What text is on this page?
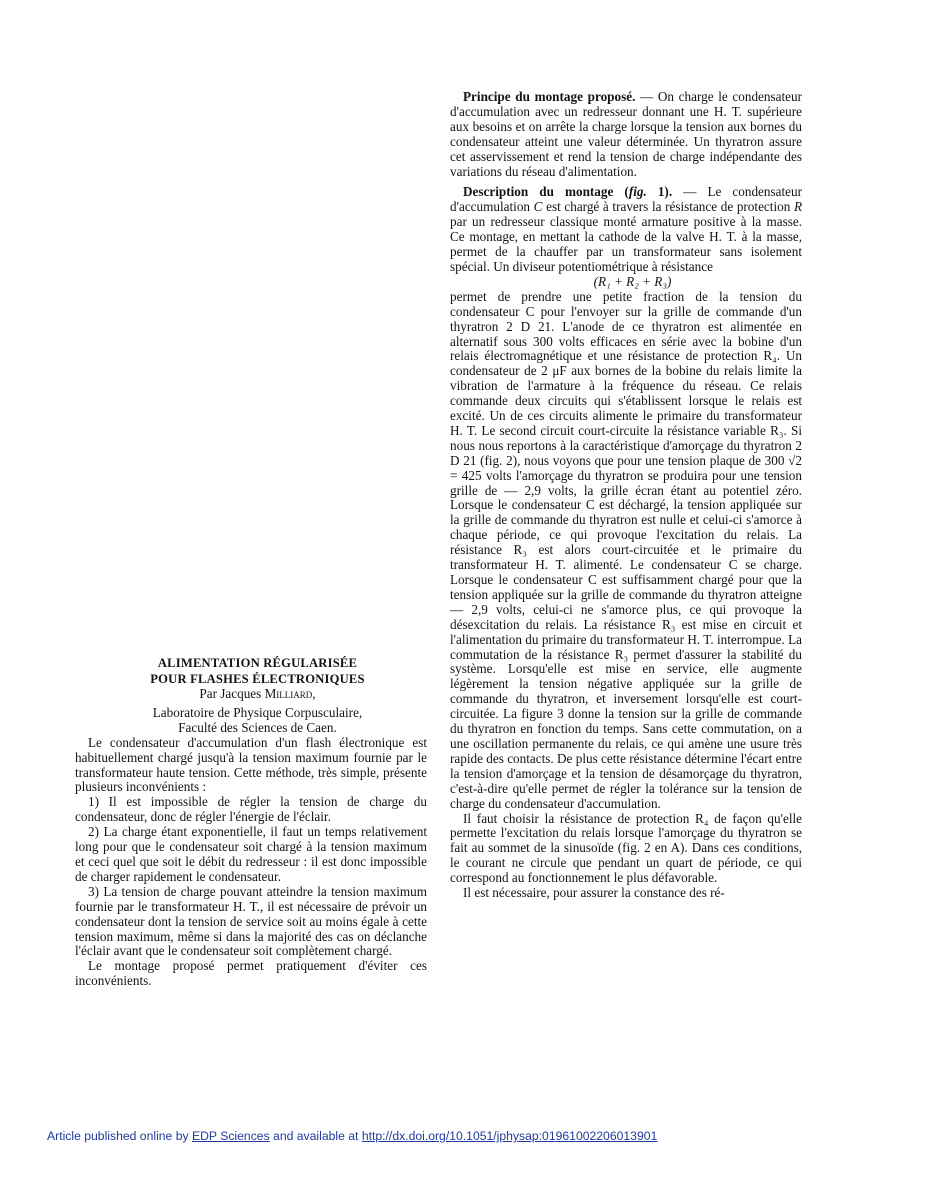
Principe du montage proposé. — On charge le condensateur d'accumulation avec un redresseur donnant une H. T. supérieure aux besoins et on arrête la charge lorsque la tension aux bornes du condensateur atteint une valeur déterminée. Un thyratron assure cet asservissement et rend la tension de charge indépendante des variations du réseau d'alimentation.

Description du montage (fig. 1). — Le condensateur d'accumulation C est chargé à travers la résistance de protection R par un redresseur classique monté armature positive à la masse. Ce montage, en mettant la cathode de la valve H. T. à la masse, permet de la chauffer par un transformateur sans isolement spécial. Un diviseur potentiométrique à résistance

(R₁ + R₂ + R₃)

permet de prendre une petite fraction de la tension du condensateur C pour l'envoyer sur la grille de commande d'un thyratron 2 D 21. L'anode de ce thyratron est alimentée en alternatif sous 300 volts efficaces en série avec la bobine d'un relais électromagnétique et une résistance de protection R₄. Un condensateur de 2 μF aux bornes de la bobine du relais limite la vibration de l'armature à la fréquence du réseau. Ce relais commande deux circuits qui s'établissent lorsque le relais est excité. Un de ces circuits alimente le primaire du transformateur H. T. Le second circuit court-circuite la résistance variable R₃. Si nous nous reportons à la caractéristique d'amorçage du thyratron 2 D 21 (fig. 2), nous voyons que pour une tension plaque de 300 √2 = 425 volts l'amorçage du thyratron se produira pour une tension grille de — 2,9 volts, la grille écran étant au potentiel zéro. Lorsque le condensateur C est déchargé, la tension appliquée sur la grille de commande du thyratron est nulle et celui-ci s'amorce à chaque période, ce qui provoque l'excitation du relais. La résistance R₃ est alors court-circuitée et le primaire du transformateur H. T. alimenté. Le condensateur C se charge. Lorsque le condensateur C est suffisamment chargé pour que la tension appliquée sur la grille de commande du thyratron atteigne — 2,9 volts, celui-ci ne s'amorce plus, ce qui provoque la désexcitation du relais. La résistance R₃ est mise en circuit et l'alimentation du primaire du transformateur H. T. interrompue. La commutation de la résistance R₃ permet d'assurer la stabilité du système. Lorsqu'elle est mise en service, elle augmente légèrement la tension négative appliquée sur la grille de commande du thyratron, et inversement lorsqu'elle est court-circuitée. La figure 3 donne la tension sur la grille de commande du thyratron en fonction du temps. Sans cette commutation, on a une oscillation permanente du relais, ce qui amène une usure très rapide des contacts. De plus cette résistance détermine l'écart entre la tension d'amorçage et la tension de désamorçage du thyratron, c'est-à-dire qu'elle permet de régler la tolérance sur la tension de charge du condensateur d'accumulation.

Il faut choisir la résistance de protection R₄ de façon qu'elle permette l'excitation du relais lorsque l'amorçage du thyratron se fait au sommet de la sinusoïde (fig. 2 en A). Dans ces conditions, le courant ne circule que pendant un quart de période, ce qui correspond au fonctionnement le plus défavorable.

Il est nécessaire, pour assurer la constance des ré-

ALIMENTATION RÉGULARISÉE

POUR FLASHES ÉLECTRONIQUES

Par Jacques Milliard,

Laboratoire de Physique Corpusculaire,

Faculté des Sciences de Caen.

Le condensateur d'accumulation d'un flash électronique est habituellement chargé jusqu'à la tension maximum fournie par le transformateur haute tension. Cette méthode, très simple, présente plusieurs inconvénients :

1) Il est impossible de régler la tension de charge du condensateur, donc de régler l'énergie de l'éclair.

2) La charge étant exponentielle, il faut un temps relativement long pour que le condensateur soit chargé à la tension maximum et ceci quel que soit le débit du redresseur : il est donc impossible de charger rapidement le condensateur.

3) La tension de charge pouvant atteindre la tension maximum fournie par le transformateur H. T., il est nécessaire de prévoir un condensateur dont la tension de service soit au moins égale à cette tension maximum, même si dans la majorité des cas on déclanche l'éclair avant que le condensateur soit complètement chargé.

Le montage proposé permet pratiquement d'éviter ces inconvénients.

Article published online by EDP Sciences and available at http://dx.doi.org/10.1051/jphysap:01961002206013901
